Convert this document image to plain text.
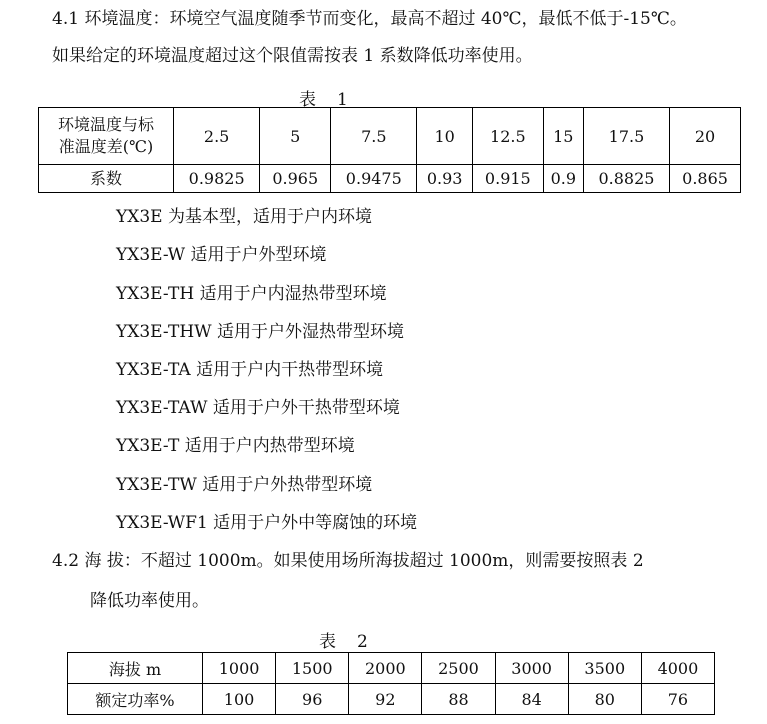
4.1 环境温度：环境空气温度随季节而变化，最高不超过 40℃，最低不低于-15℃。
如果给定的环境温度超过这个限值需按表 1 系数降低功率使用。
表　1
环境温度与标
准温度差(℃)	2.5	5	7.5	10	12.5	15	17.5	20
系数	0.9825	0.965	0.9475	0.93	0.915	0.9	0.8825	0.865
YX3E 为基本型，适用于户内环境
YX3E-W 适用于户外型环境
YX3E-TH 适用于户内湿热带型环境
YX3E-THW 适用于户外湿热带型环境
YX3E-TA 适用于户内干热带型环境
YX3E-TAW 适用于户外干热带型环境
YX3E-T 适用于户内热带型环境
YX3E-TW 适用于户外热带型环境
YX3E-WF1 适用于户外中等腐蚀的环境
4.2 海 拔：不超过 1000m。如果使用场所海拔超过 1000m，则需要按照表 2
降低功率使用。
表　2
海拔 m	1000	1500	2000	2500	3000	3500	4000
额定功率%	100	96	92	88	84	80	76
